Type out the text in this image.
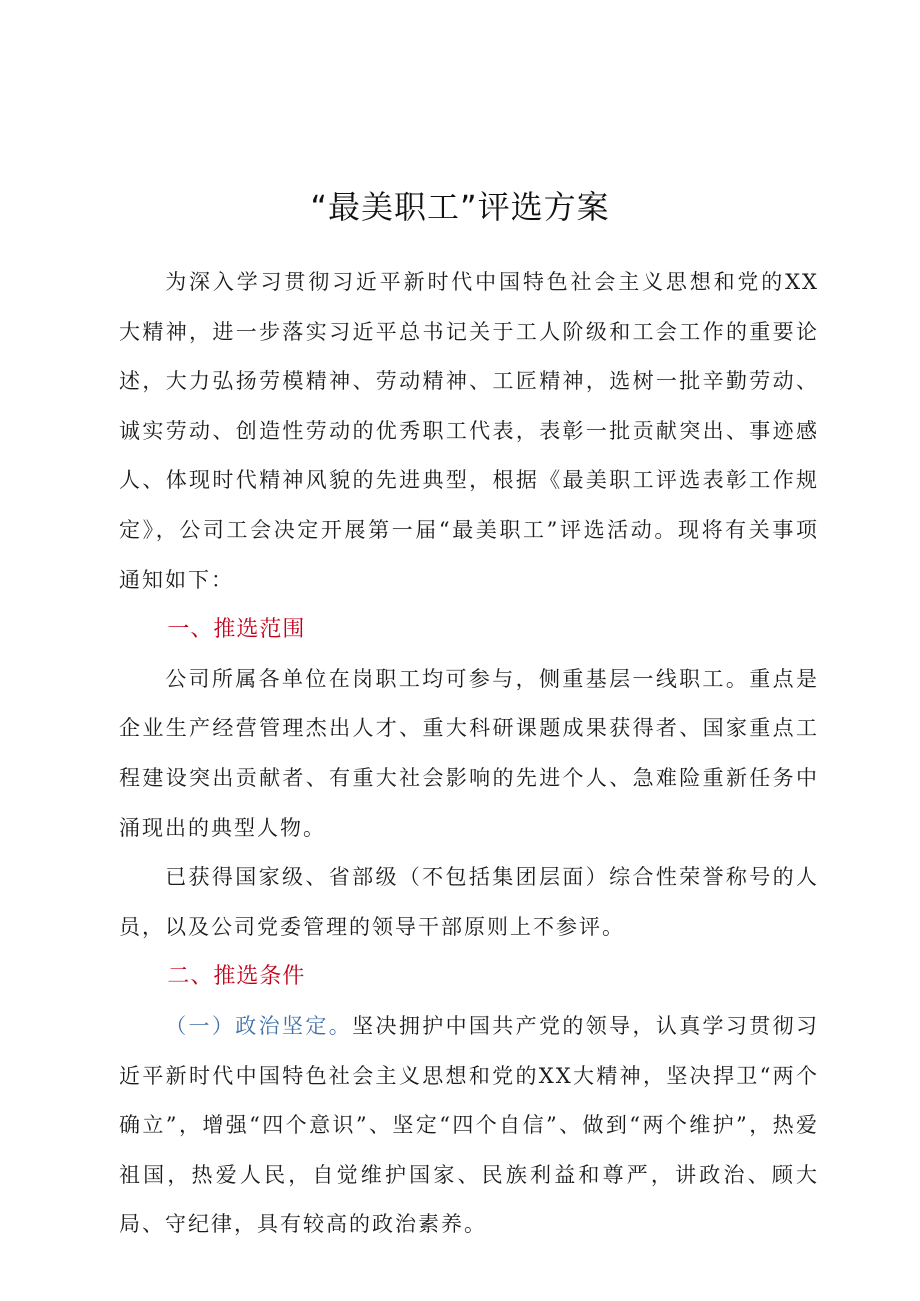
“最美职工”评选方案

为深入学习贯彻习近平新时代中国特色社会主义思想和党的XX大精神，进一步落实习近平总书记关于工人阶级和工会工作的重要论述，大力弘扬劳模精神、劳动精神、工匠精神，选树一批辛勤劳动、诚实劳动、创造性劳动的优秀职工代表，表彰一批贡献突出、事迹感人、体现时代精神风貌的先进典型，根据《最美职工评选表彰工作规定》，公司工会决定开展第一届“最美职工”评选活动。现将有关事项通知如下：

一、推选范围

公司所属各单位在岗职工均可参与，侧重基层一线职工。重点是企业生产经营管理杰出人才、重大科研课题成果获得者、国家重点工程建设突出贡献者、有重大社会影响的先进个人、急难险重新任务中涌现出的典型人物。

已获得国家级、省部级（不包括集团层面）综合性荣誉称号的人员，以及公司党委管理的领导干部原则上不参评。

二、推选条件

（一）政治坚定。坚决拥护中国共产党的领导，认真学习贯彻习近平新时代中国特色社会主义思想和党的XX大精神，坚决捍卫“两个确立”，增强“四个意识”、坚定“四个自信”、做到“两个维护”，热爱祖国，热爱人民，自觉维护国家、民族利益和尊严，讲政治、顾大局、守纪律，具有较高的政治素养。
